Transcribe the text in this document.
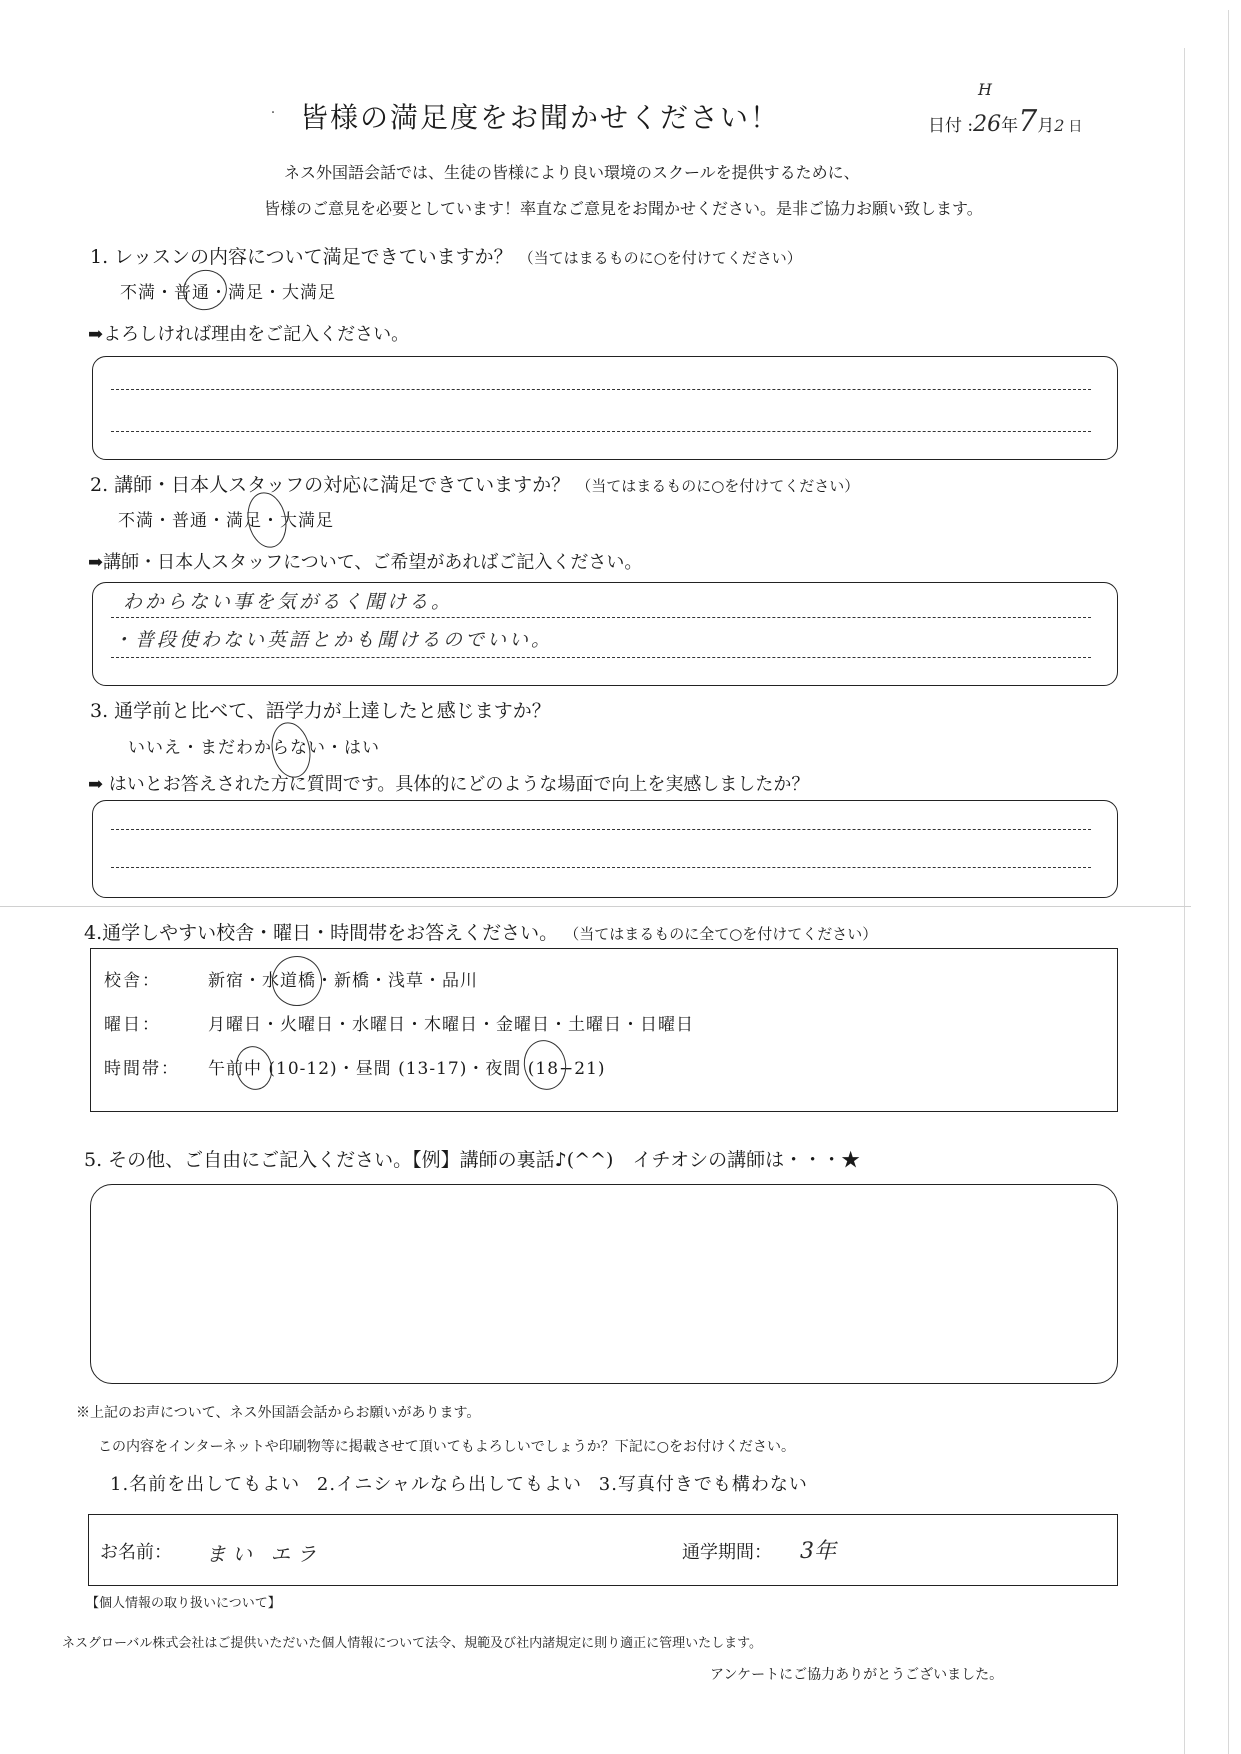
・ 皆様の満足度をお聞かせください！
H
日付 :26年7月2 日
ネス外国語会話では、生徒の皆様により良い環境のスクールを提供するために、
皆様のご意見を必要としています！率直なご意見をお聞かせください。是非ご協力お願い致します。
1. レッスンの内容について満足できていますか？ （当てはまるものに○を付けてください）
不満・普通・満足・大満足
➡よろしければ理由をご記入ください。
2. 講師・日本人スタッフの対応に満足できていますか？ （当てはまるものに○を付けてください）
不満・普通・満足・大満足
➡講師・日本人スタッフについて、ご希望があればご記入ください。
わからない事を気がるく聞ける。
・普段使わない英語とかも聞けるのでいい。
3. 通学前と比べて、語学力が上達したと感じますか？
いいえ・まだわからない・はい
➡ はいとお答えされた方に質問です。具体的にどのような場面で向上を実感しましたか？
4.通学しやすい校舎・曜日・時間帯をお答えください。 （当てはまるものに全て○を付けてください）
校舎：	新宿・水道橋・新橋・浅草・品川
曜日：	月曜日・火曜日・水曜日・木曜日・金曜日・土曜日・日曜日
時間帯： 午前中 (10-12)・昼間 (13-17)・夜間 (18−21)
5. その他、ご自由にご記入ください。【例】講師の裏話♪(^^)　イチオシの講師は・・・★
※上記のお声について、ネス外国語会話からお願いがあります。
この内容をインターネットや印刷物等に掲載させて頂いてもよろしいでしょうか？下記に○をお付けください。
1.名前を出してもよい 2.イニシャルなら出してもよい 3.写真付きでも構わない
お名前： まい エラ	通学期間： 3年
【個人情報の取り扱いについて】
ネスグローバル株式会社はご提供いただいた個人情報について法令、規範及び社内諸規定に則り適正に管理いたします。
アンケートにご協力ありがとうございました。
